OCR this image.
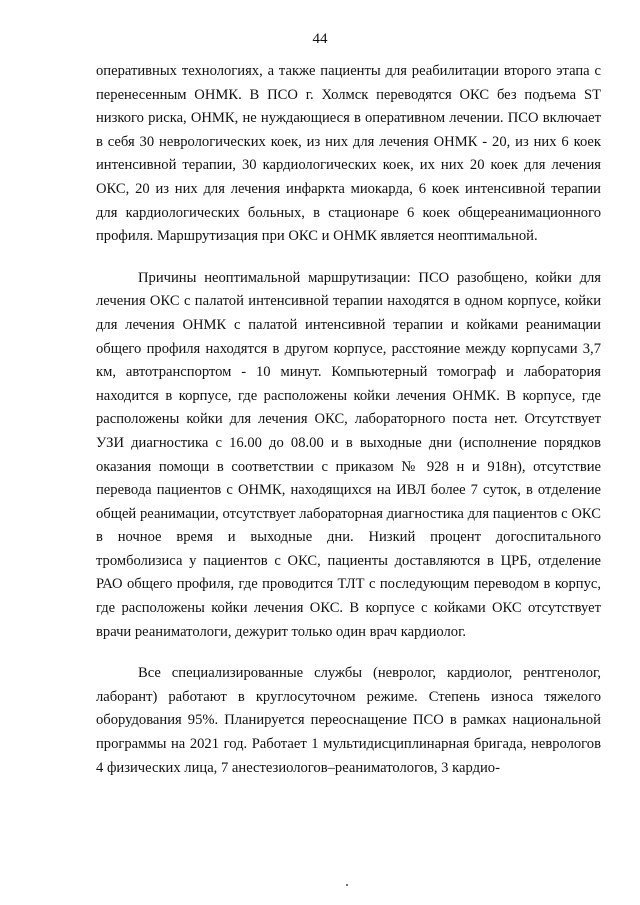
44

оперативных технологиях, а также пациенты для реабилитации второго этапа с перенесенным ОНМК. В ПСО г. Холмск переводятся ОКС без подъема ST низкого риска, ОНМК, не нуждающиеся в оперативном лечении. ПСО включает в себя 30 неврологических коек, из них для лечения ОНМК - 20, из них 6 коек интенсивной терапии, 30 кардиологических коек, их них 20 коек для лечения ОКС, 20 из них для лечения инфаркта миокарда, 6 коек интенсивной терапии для кардиологических больных, в стационаре 6 коек общереанимационного профиля. Маршрутизация при ОКС и ОНМК является неоптимальной.

Причины неоптимальной маршрутизации: ПСО разобщено, койки для лечения ОКС с палатой интенсивной терапии находятся в одном корпусе, койки для лечения ОНМК с палатой интенсивной терапии и койками реанимации общего профиля находятся в другом корпусе, расстояние между корпусами 3,7 км, автотранспортом - 10 минут. Компьютерный томограф и лаборатория находится в корпусе, где расположены койки лечения ОНМК. В корпусе, где расположены койки для лечения ОКС, лабораторного поста нет. Отсутствует УЗИ диагностика с 16.00 до 08.00 и в выходные дни (исполнение порядков оказания помощи в соответствии с приказом № 928 н и 918н), отсутствие перевода пациентов с ОНМК, находящихся на ИВЛ более 7 суток, в отделение общей реанимации, отсутствует лабораторная диагностика для пациентов с ОКС в ночное время и выходные дни. Низкий процент догоспитального тромболизиса у пациентов с ОКС, пациенты доставляются в ЦРБ, отделение РАО общего профиля, где проводится ТЛТ с последующим переводом в корпус, где расположены койки лечения ОКС. В корпусе с койками ОКС отсутствует врачи реаниматологи, дежурит только один врач кардиолог.

Все специализированные службы (невролог, кардиолог, рентгенолог, лаборант) работают в круглосуточном режиме. Степень износа тяжелого оборудования 95%. Планируется переоснащение ПСО в рамках национальной программы на 2021 год. Работает 1 мультидисциплинарная бригада, неврологов 4 физических лица, 7 анестезиологов–реаниматологов, 3 кардио-
